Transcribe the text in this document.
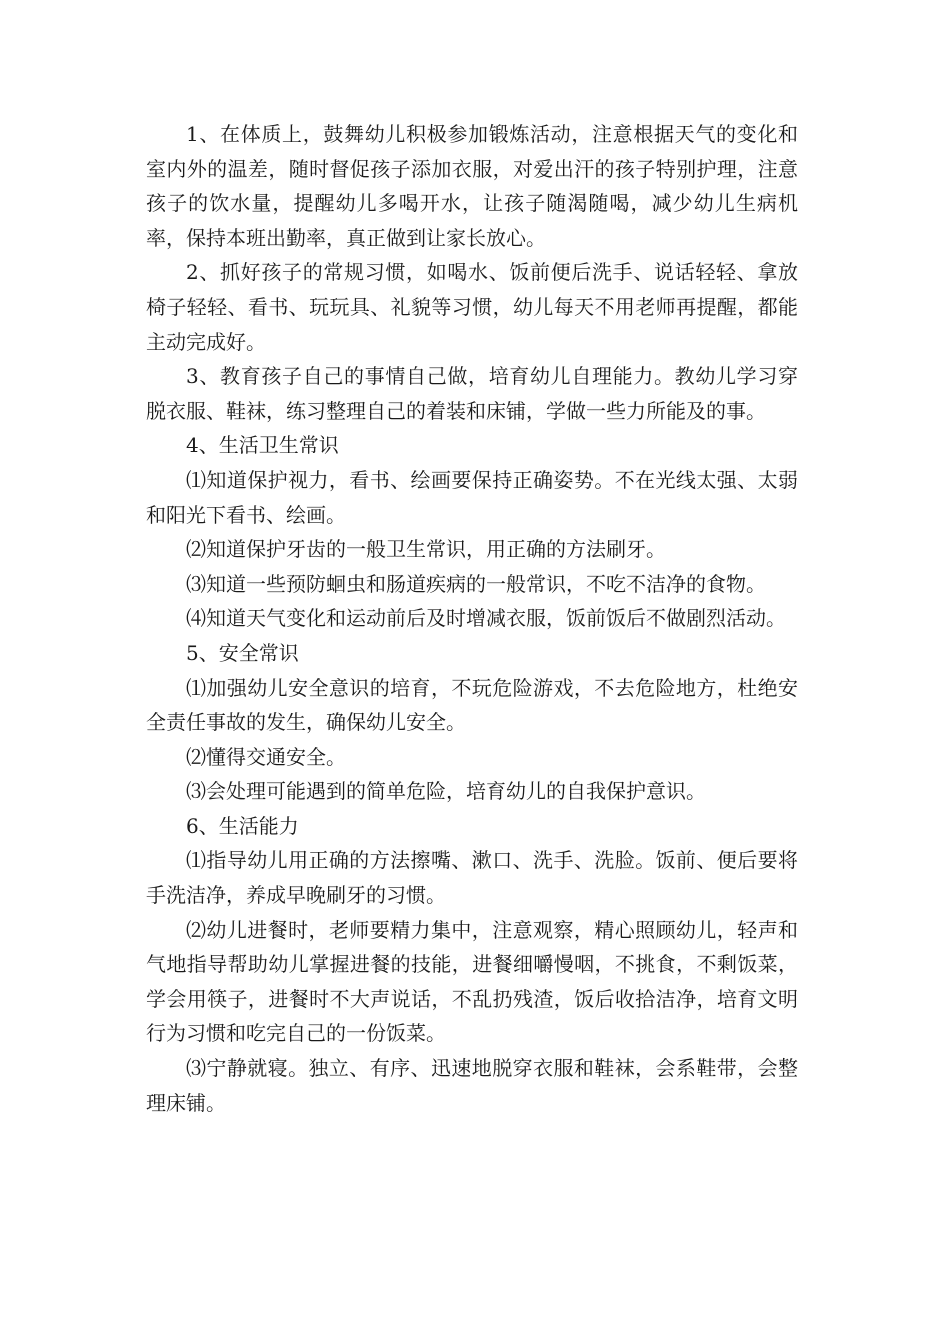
1、在体质上，鼓舞幼儿积极参加锻炼活动，注意根据天气的变化和室内外的温差，随时督促孩子添加衣服，对爱出汗的孩子特别护理，注意孩子的饮水量，提醒幼儿多喝开水，让孩子随渴随喝，减少幼儿生病机率，保持本班出勤率，真正做到让家长放心。

2、抓好孩子的常规习惯，如喝水、饭前便后洗手、说话轻轻、拿放椅子轻轻、看书、玩玩具、礼貌等习惯，幼儿每天不用老师再提醒，都能主动完成好。

3、教育孩子自己的事情自己做，培育幼儿自理能力。教幼儿学习穿脱衣服、鞋袜，练习整理自己的着装和床铺，学做一些力所能及的事。

4、生活卫生常识

⑴知道保护视力，看书、绘画要保持正确姿势。不在光线太强、太弱和阳光下看书、绘画。

⑵知道保护牙齿的一般卫生常识，用正确的方法刷牙。

⑶知道一些预防蛔虫和肠道疾病的一般常识，不吃不洁净的食物。

⑷知道天气变化和运动前后及时增减衣服，饭前饭后不做剧烈活动。

5、安全常识

⑴加强幼儿安全意识的培育，不玩危险游戏，不去危险地方，杜绝安全责任事故的发生，确保幼儿安全。

⑵懂得交通安全。

⑶会处理可能遇到的简单危险，培育幼儿的自我保护意识。

6、生活能力

⑴指导幼儿用正确的方法擦嘴、漱口、洗手、洗脸。饭前、便后要将手洗洁净，养成早晚刷牙的习惯。

⑵幼儿进餐时，老师要精力集中，注意观察，精心照顾幼儿，轻声和气地指导帮助幼儿掌握进餐的技能，进餐细嚼慢咽，不挑食，不剩饭菜，学会用筷子，进餐时不大声说话，不乱扔残渣，饭后收拾洁净，培育文明行为习惯和吃完自己的一份饭菜。

⑶宁静就寝。独立、有序、迅速地脱穿衣服和鞋袜，会系鞋带，会整理床铺。
